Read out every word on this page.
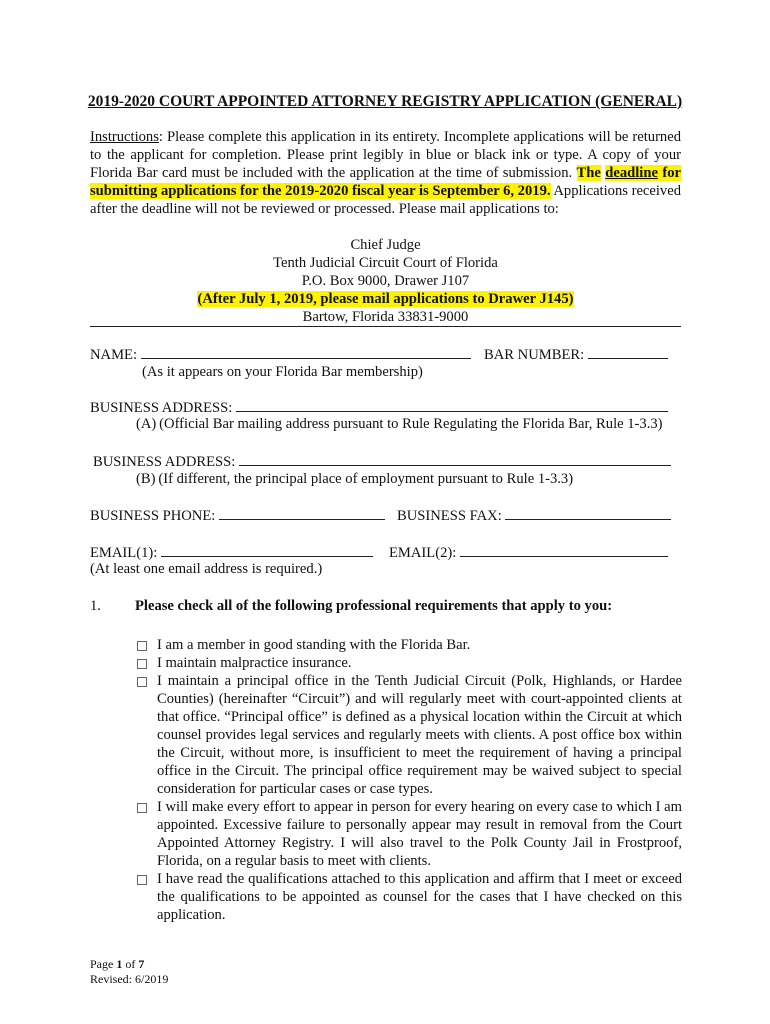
2019-2020 COURT APPOINTED ATTORNEY REGISTRY APPLICATION (GENERAL)
Instructions: Please complete this application in its entirety. Incomplete applications will be returned to the applicant for completion. Please print legibly in blue or black ink or type. A copy of your Florida Bar card must be included with the application at the time of submission. The deadline for submitting applications for the 2019-2020 fiscal year is September 6, 2019. Applications received after the deadline will not be reviewed or processed. Please mail applications to:
Chief Judge
Tenth Judicial Circuit Court of Florida
P.O. Box 9000, Drawer J107
(After July 1, 2019, please mail applications to Drawer J145)
Bartow, Florida 33831-9000
NAME:	BAR NUMBER:
(As it appears on your Florida Bar membership)
BUSINESS ADDRESS:
(A) (Official Bar mailing address pursuant to Rule Regulating the Florida Bar, Rule 1-3.3)
BUSINESS ADDRESS:
(B) (If different, the principal place of employment pursuant to Rule 1-3.3)
BUSINESS PHONE:	BUSINESS FAX:
EMAIL(1):	EMAIL(2):
(At least one email address is required.)
1. Please check all of the following professional requirements that apply to you:
I am a member in good standing with the Florida Bar.
I maintain malpractice insurance.
I maintain a principal office in the Tenth Judicial Circuit (Polk, Highlands, or Hardee Counties) (hereinafter “Circuit”) and will regularly meet with court-appointed clients at that office. “Principal office” is defined as a physical location within the Circuit at which counsel provides legal services and regularly meets with clients. A post office box within the Circuit, without more, is insufficient to meet the requirement of having a principal office in the Circuit. The principal office requirement may be waived subject to special consideration for particular cases or case types.
I will make every effort to appear in person for every hearing on every case to which I am appointed. Excessive failure to personally appear may result in removal from the Court Appointed Attorney Registry. I will also travel to the Polk County Jail in Frostproof, Florida, on a regular basis to meet with clients.
I have read the qualifications attached to this application and affirm that I meet or exceed the qualifications to be appointed as counsel for the cases that I have checked on this application.
Page 1 of 7
Revised: 6/2019
